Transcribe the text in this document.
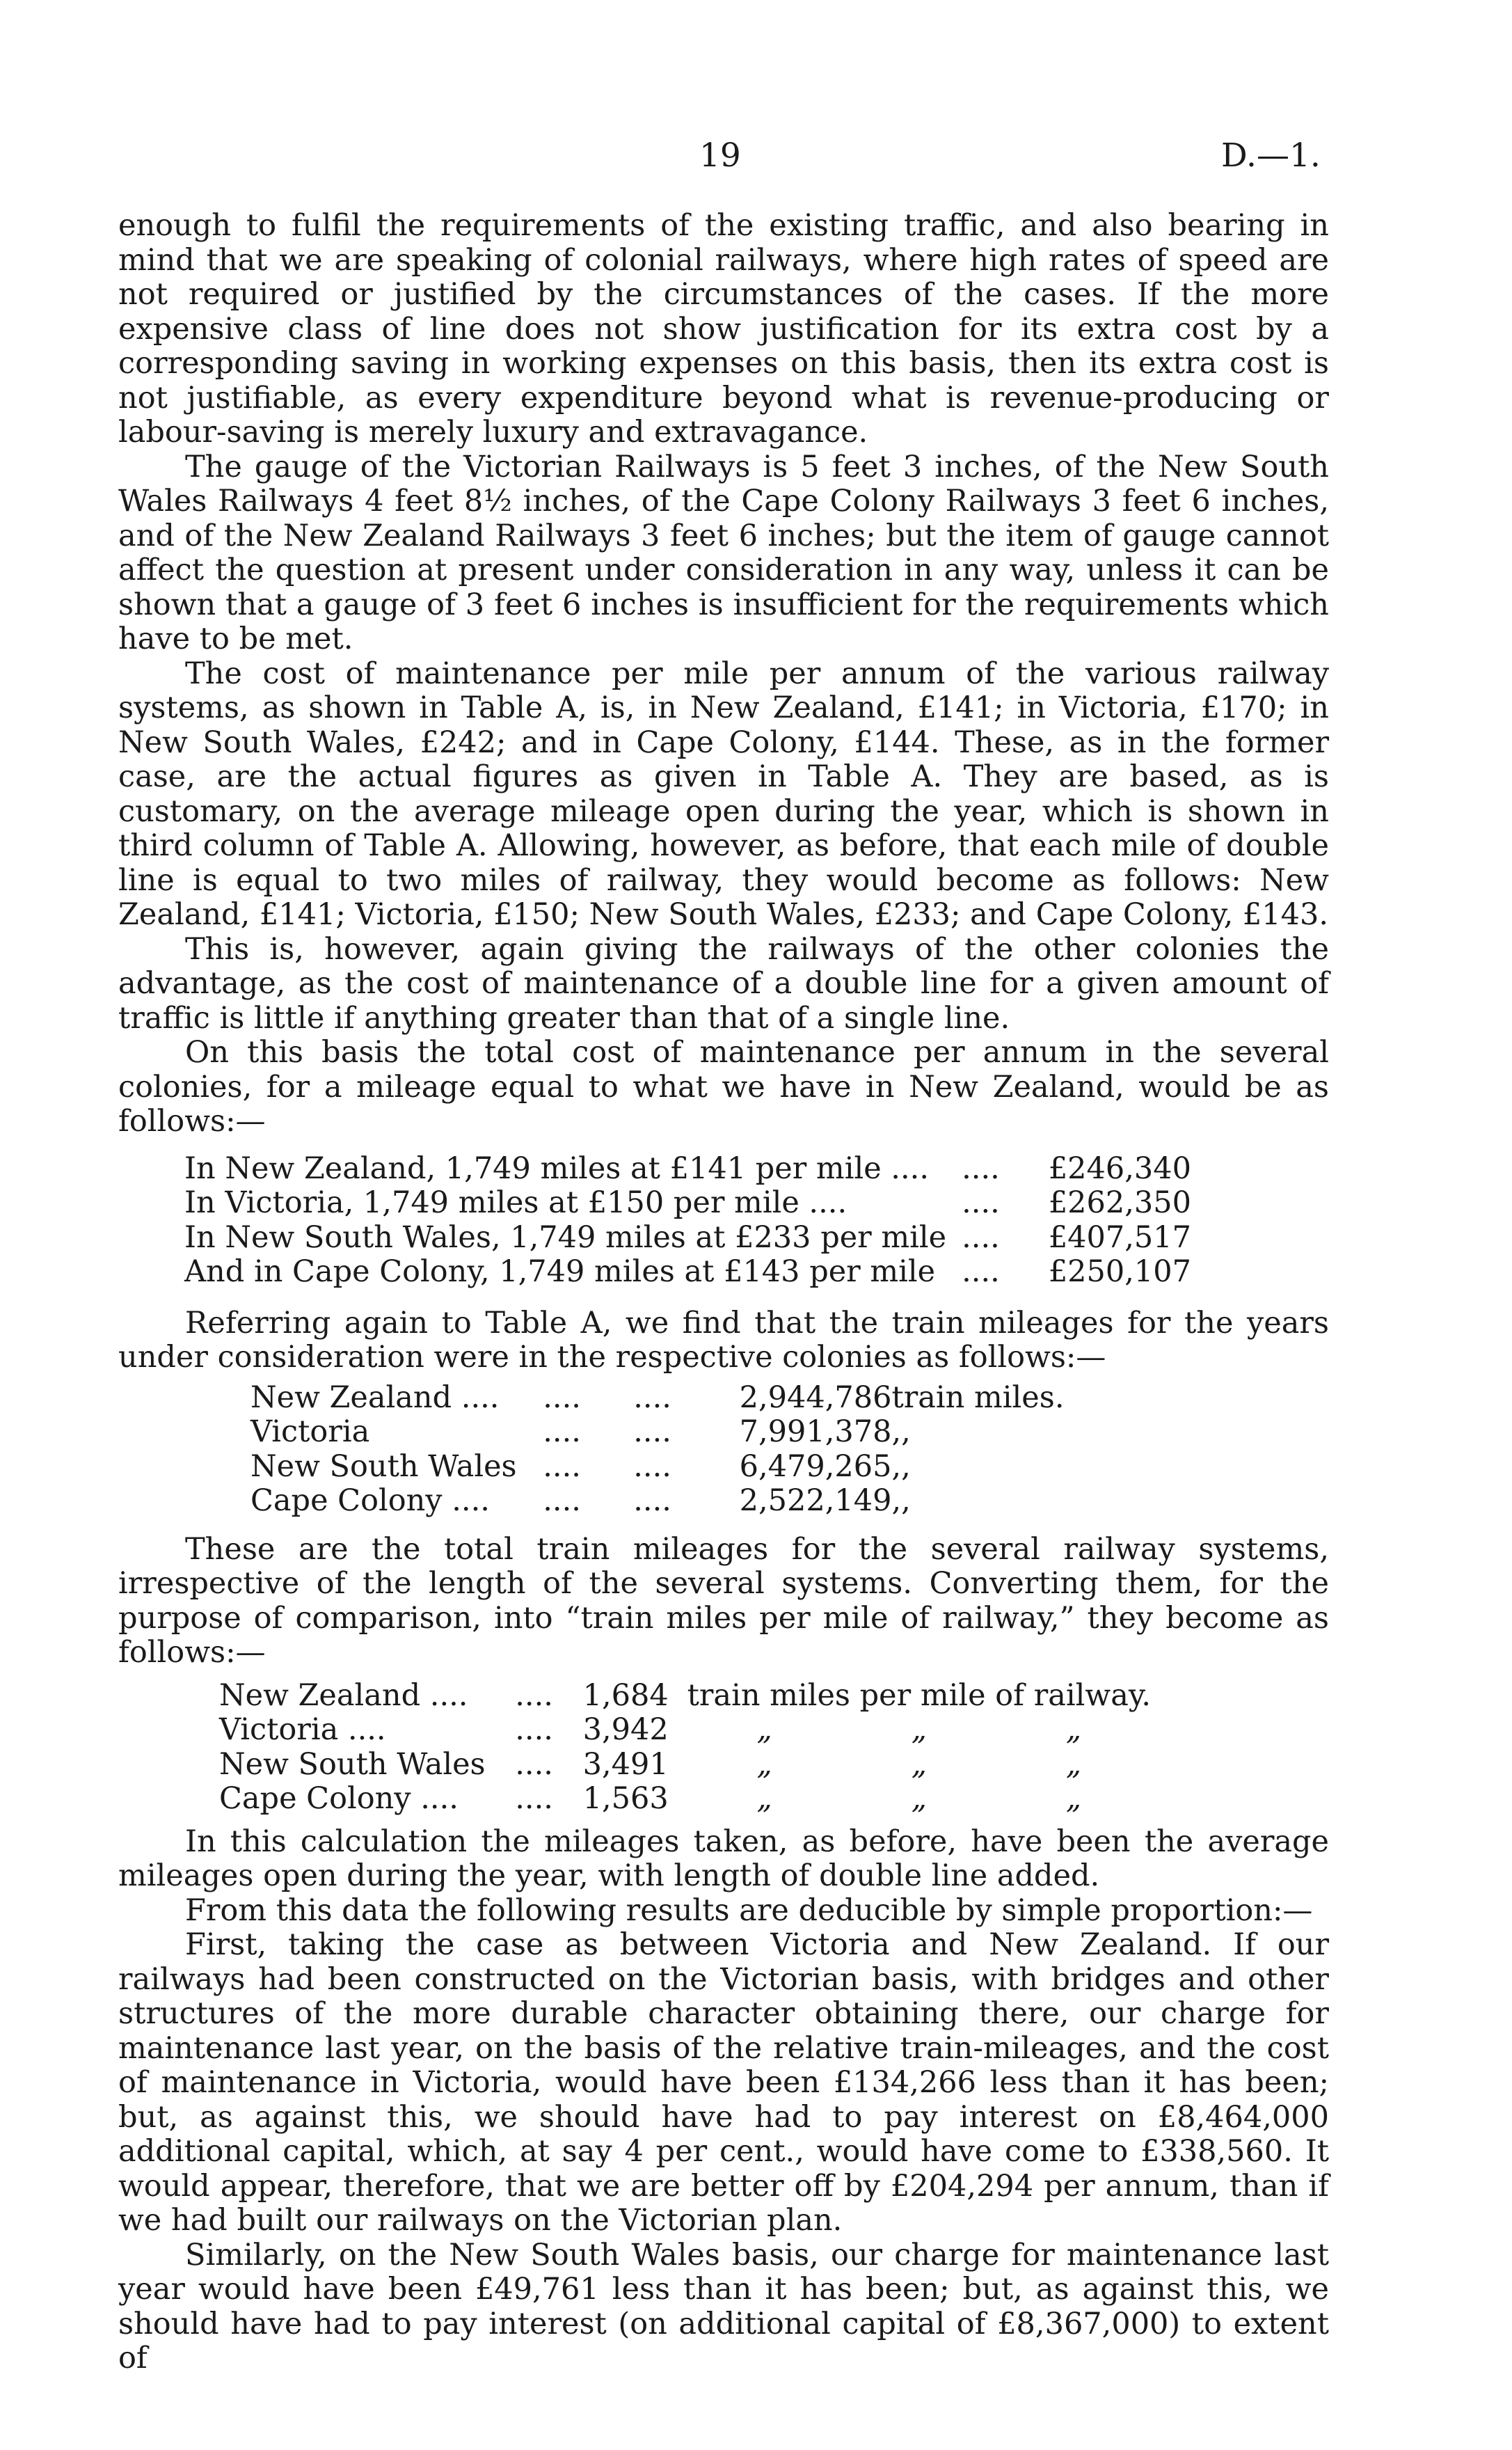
19	D.—1.

enough to fulfil the requirements of the existing traffic, and also bearing in mind that we are speaking of colonial railways, where high rates of speed are not required or justified by the circumstances of the cases. If the more expensive class of line does not show justification for its extra cost by a corresponding saving in working expenses on this basis, then its extra cost is not justifiable, as every expenditure beyond what is revenue-producing or labour-saving is merely luxury and extravagance.

The gauge of the Victorian Railways is 5 feet 3 inches, of the New South Wales Railways 4 feet 8½ inches, of the Cape Colony Railways 3 feet 6 inches, and of the New Zealand Railways 3 feet 6 inches; but the item of gauge cannot affect the question at present under consideration in any way, unless it can be shown that a gauge of 3 feet 6 inches is insufficient for the requirements which have to be met.

The cost of maintenance per mile per annum of the various railway systems, as shown in Table A, is, in New Zealand, £141; in Victoria, £170; in New South Wales, £242; and in Cape Colony, £144. These, as in the former case, are the actual figures as given in Table A. They are based, as is customary, on the average mileage open during the year, which is shown in third column of Table A. Allowing, however, as before, that each mile of double line is equal to two miles of railway, they would become as follows: New Zealand, £141; Victoria, £150; New South Wales, £233; and Cape Colony, £143.

This is, however, again giving the railways of the other colonies the advantage, as the cost of maintenance of a double line for a given amount of traffic is little if anything greater than that of a single line.

On this basis the total cost of maintenance per annum in the several colonies, for a mileage equal to what we have in New Zealand, would be as follows:—

In New Zealand, 1,749 miles at £141 per mile ....	....	£246,340
In Victoria, 1,749 miles at £150 per mile ....	....	£262,350
In New South Wales, 1,749 miles at £233 per mile	....	£407,517
And in Cape Colony, 1,749 miles at £143 per mile	....	£250,107

Referring again to Table A, we find that the train mileages for the years under consideration were in the respective colonies as follows:—

New Zealand ....	....	....	2,944,786	train miles.
Victoria	....	....	7,991,378	,,
New South Wales	....	....	6,479,265	,,
Cape Colony ....	....	....	2,522,149	,,

These are the total train mileages for the several railway systems, irrespective of the length of the several systems. Converting them, for the purpose of comparison, into “train miles per mile of railway,” they become as follows:—

New Zealand ....	....	1,684	train miles per mile of railway.		
Victoria ....	....	3,942	„	„	„
New South Wales	....	3,491	„	„	„
Cape Colony ....	....	1,563	„	„	„

In this calculation the mileages taken, as before, have been the average mileages open during the year, with length of double line added.

From this data the following results are deducible by simple proportion:—

First, taking the case as between Victoria and New Zealand. If our railways had been constructed on the Victorian basis, with bridges and other structures of the more durable character obtaining there, our charge for maintenance last year, on the basis of the relative train-mileages, and the cost of maintenance in Victoria, would have been £134,266 less than it has been; but, as against this, we should have had to pay interest on £8,464,000 additional capital, which, at say 4 per cent., would have come to £338,560. It would appear, therefore, that we are better off by £204,294 per annum, than if we had built our railways on the Victorian plan.

Similarly, on the New South Wales basis, our charge for maintenance last year would have been £49,761 less than it has been; but, as against this, we should have had to pay interest (on additional capital of £8,367,000) to extent of
